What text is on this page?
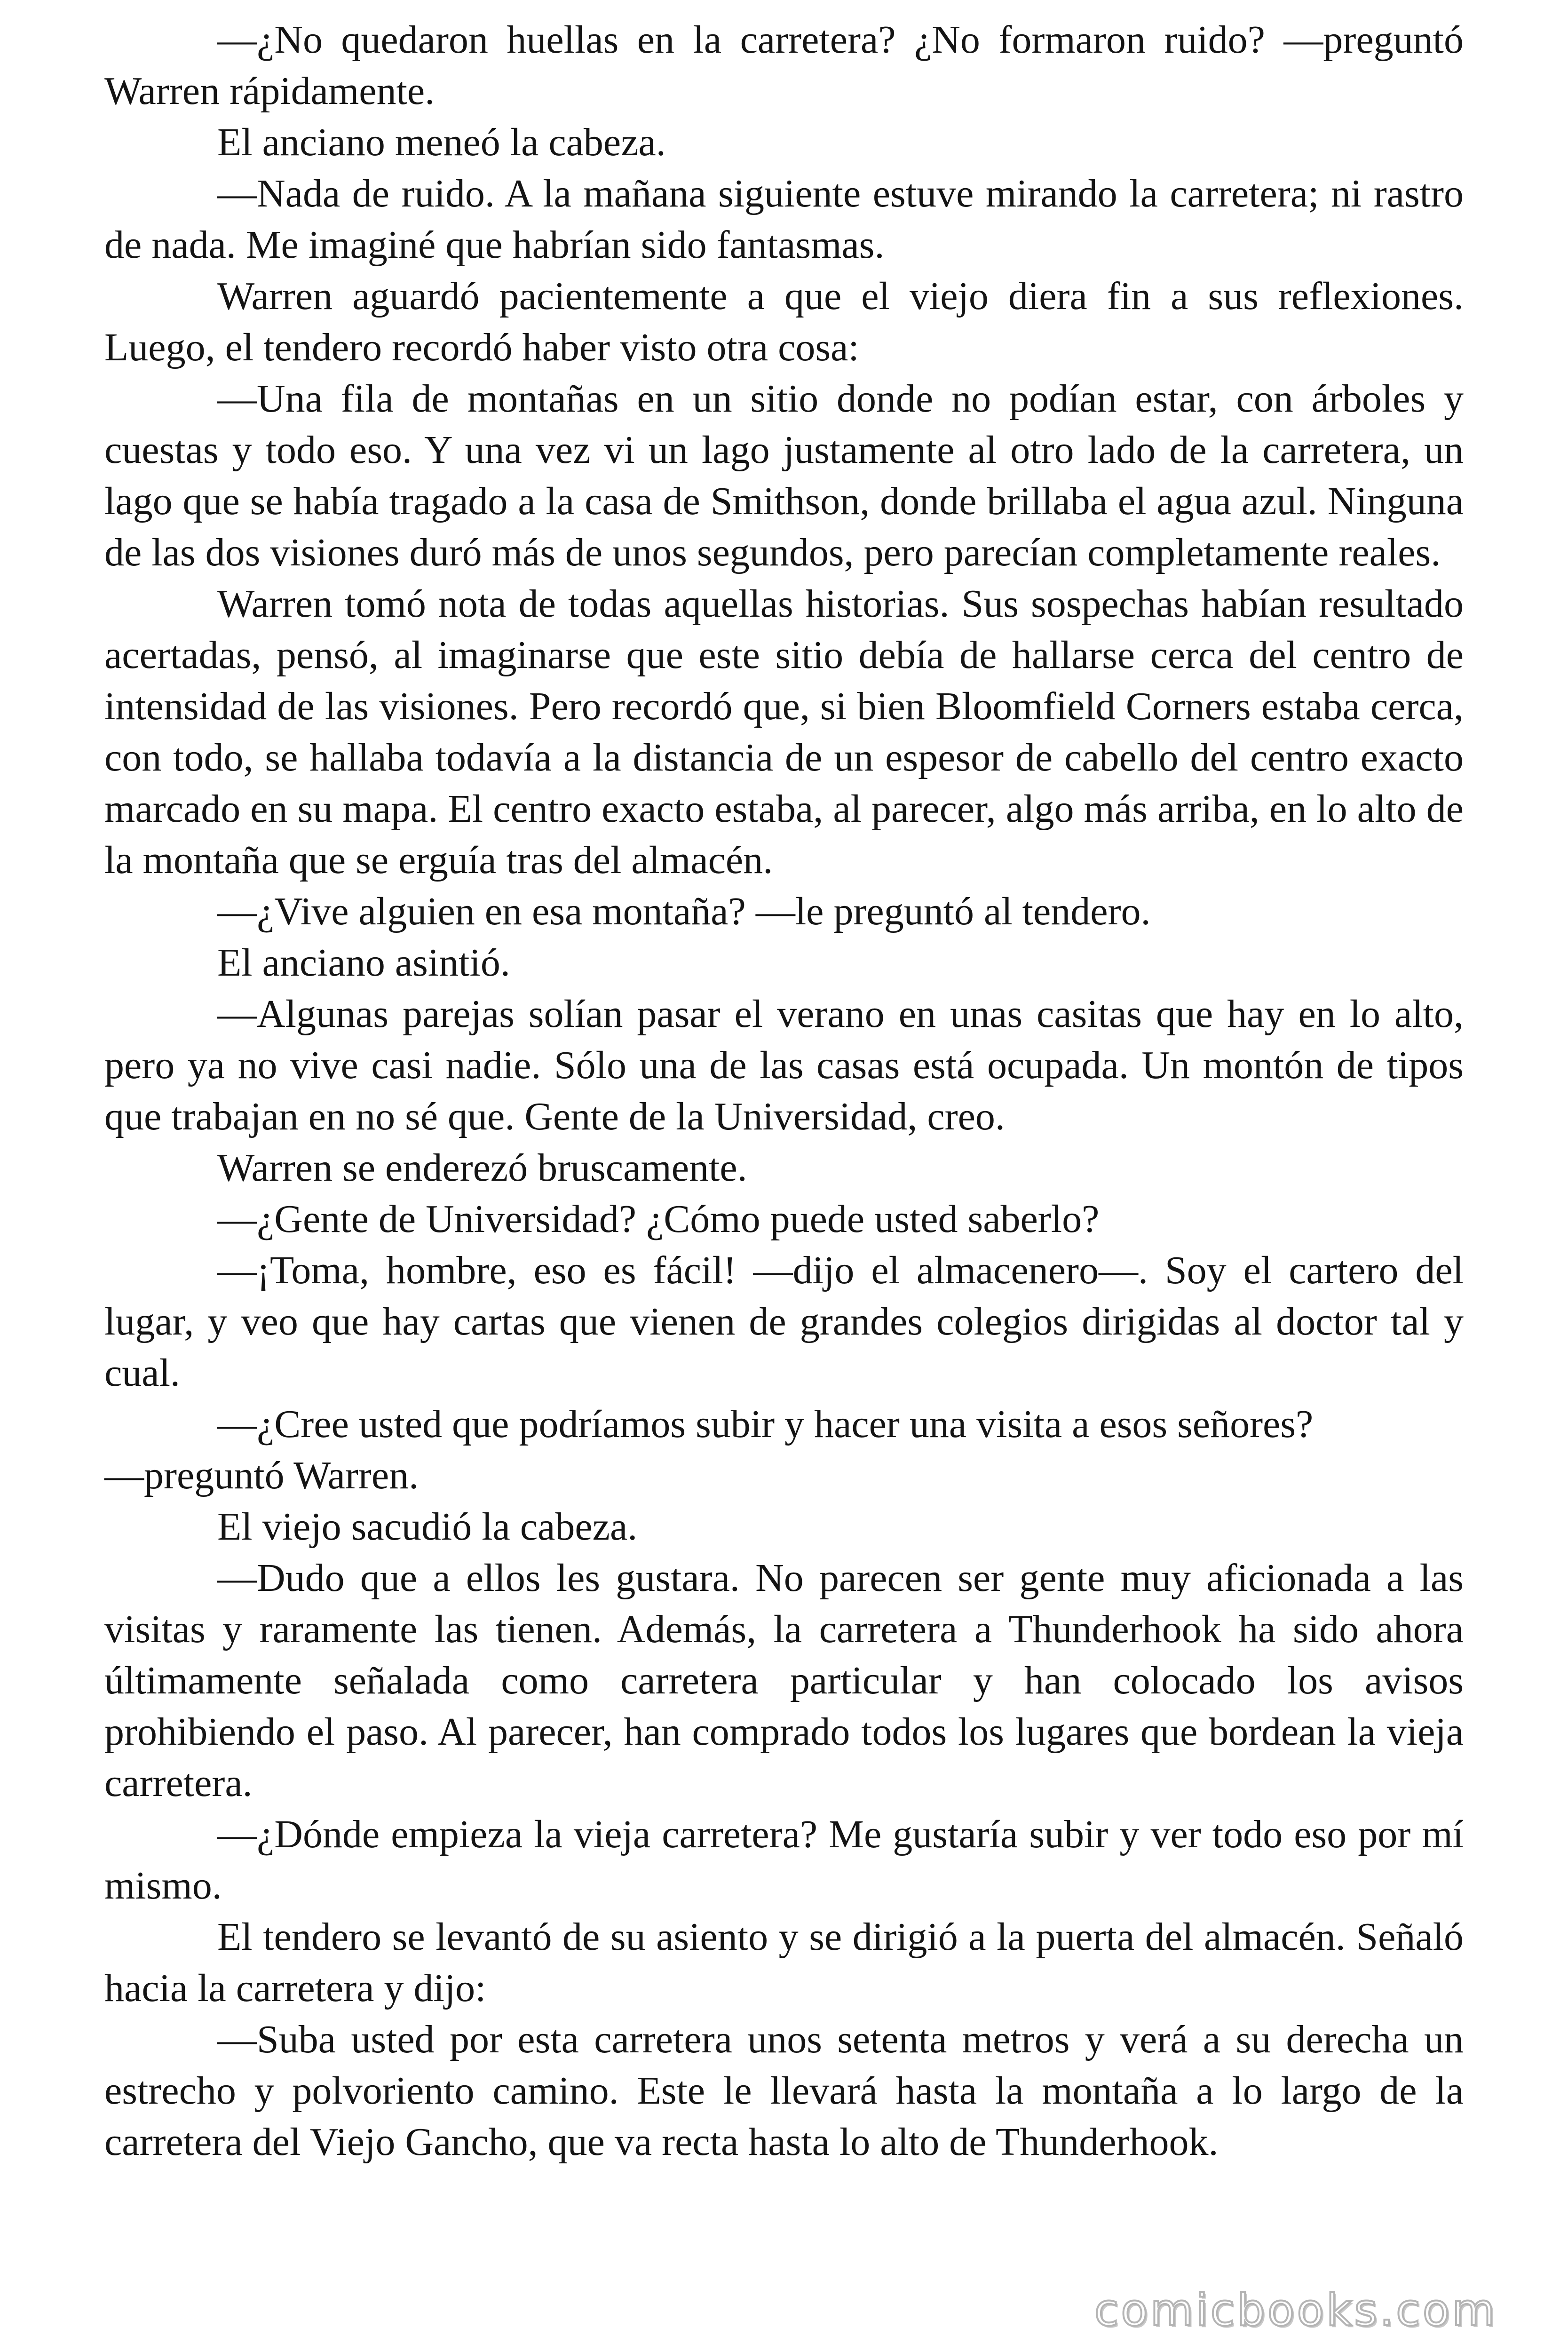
—¿No quedaron huellas en la carretera? ¿No formaron ruido? —preguntó Warren rápidamente.

El anciano meneó la cabeza.

—Nada de ruido. A la mañana siguiente estuve mirando la carretera; ni rastro de nada. Me imaginé que habrían sido fantasmas.

Warren aguardó pacientemente a que el viejo diera fin a sus reflexiones. Luego, el tendero recordó haber visto otra cosa:

—Una fila de montañas en un sitio donde no podían estar, con árboles y cuestas y todo eso. Y una vez vi un lago justamente al otro lado de la carretera, un lago que se había tragado a la casa de Smithson, donde brillaba el agua azul. Ninguna de las dos visiones duró más de unos segundos, pero parecían completamente reales.

Warren tomó nota de todas aquellas historias. Sus sospechas habían resultado acertadas, pensó, al imaginarse que este sitio debía de hallarse cerca del centro de intensidad de las visiones. Pero recordó que, si bien Bloomfield Corners estaba cerca, con todo, se hallaba todavía a la distancia de un espesor de cabello del centro exacto marcado en su mapa. El centro exacto estaba, al parecer, algo más arriba, en lo alto de la montaña que se erguía tras del almacén.

—¿Vive alguien en esa montaña? —le preguntó al tendero.

El anciano asintió.

—Algunas parejas solían pasar el verano en unas casitas que hay en lo alto, pero ya no vive casi nadie. Sólo una de las casas está ocupada. Un montón de tipos que trabajan en no sé que. Gente de la Universidad, creo.

Warren se enderezó bruscamente.

—¿Gente de Universidad? ¿Cómo puede usted saberlo?

—¡Toma, hombre, eso es fácil! —dijo el almacenero—. Soy el cartero del lugar, y veo que hay cartas que vienen de grandes colegios dirigidas al doctor tal y cual.

—¿Cree usted que podríamos subir y hacer una visita a esos señores?

—preguntó Warren.

El viejo sacudió la cabeza.

—Dudo que a ellos les gustara. No parecen ser gente muy aficionada a las visitas y raramente las tienen. Además, la carretera a Thunderhook ha sido ahora últimamente señalada como carretera particular y han colocado los avisos prohibiendo el paso. Al parecer, han comprado todos los lugares que bordean la vieja carretera.

—¿Dónde empieza la vieja carretera? Me gustaría subir y ver todo eso por mí mismo.

El tendero se levantó de su asiento y se dirigió a la puerta del almacén. Señaló hacia la carretera y dijo:

—Suba usted por esta carretera unos setenta metros y verá a su derecha un estrecho y polvoriento camino. Este le llevará hasta la montaña a lo largo de la carretera del Viejo Gancho, que va recta hasta lo alto de Thunderhook.

comicbooks.com
